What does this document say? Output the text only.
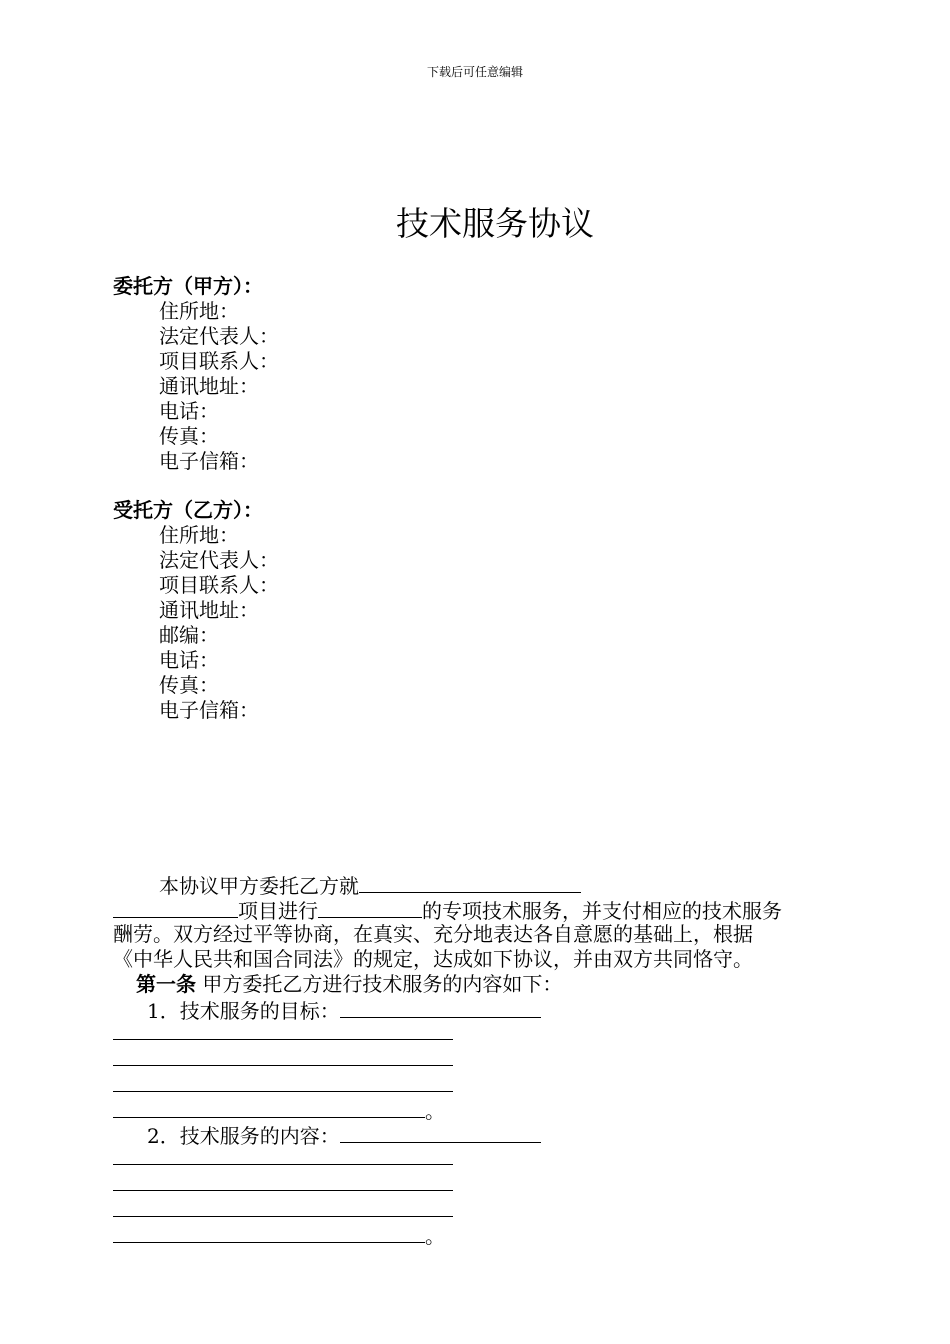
下载后可任意编辑
技术服务协议
委托方（甲方）：
住所地：
法定代表人：
项目联系人：
通讯地址：
电话：
传真：
电子信箱：
受托方（乙方）：
住所地：
法定代表人：
项目联系人：
通讯地址：
邮编：
电话：
传真：
电子信箱：
本协议甲方委托乙方就
项目进行	的专项技术服务，并支付相应的技术服务
酬劳。双方经过平等协商，在真实、充分地表达各自意愿的基础上，根据
《中华人民共和国合同法》的规定，达成如下协议，并由双方共同恪守。
第一条 甲方委托乙方进行技术服务的内容如下：
1．技术服务的目标：
。
2．技术服务的内容：
。
